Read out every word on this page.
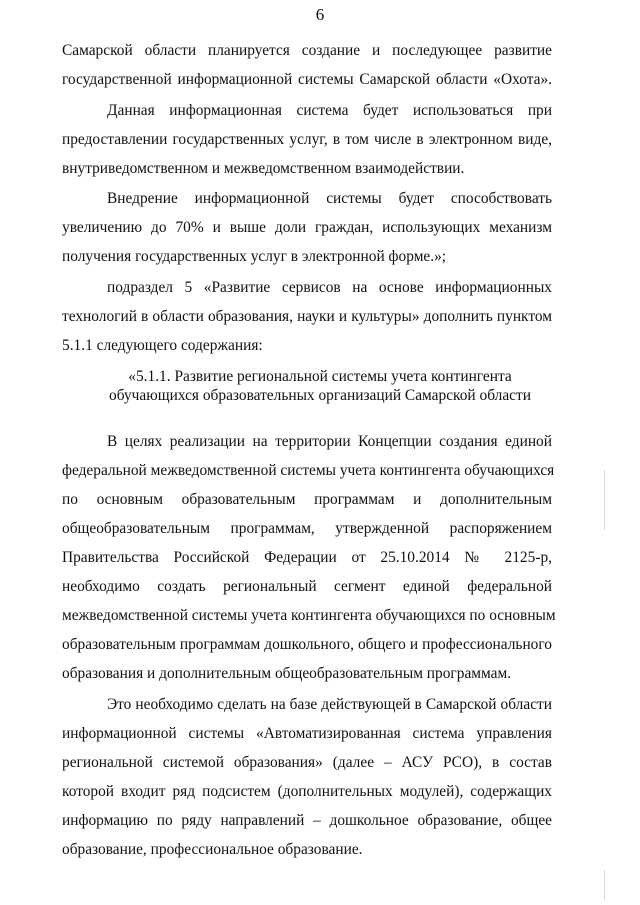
6
Самарской области планируется создание и последующее развитие
государственной информационной системы Самарской области «Охота».
Данная информационная система будет использоваться при
предоставлении государственных услуг, в том числе в электронном виде,
внутриведомственном и межведомственном взаимодействии.
Внедрение информационной системы будет способствовать
увеличению до 70% и выше доли граждан, использующих механизм
получения государственных услуг в электронной форме.»;
подраздел 5 «Развитие сервисов на основе информационных
технологий в области образования, науки и культуры» дополнить пунктом
5.1.1 следующего содержания:
«5.1.1. Развитие региональной системы учета контингента
обучающихся образовательных организаций Самарской области
В целях реализации на территории Концепции создания единой
федеральной межведомственной системы учета контингента обучающихся
по основным образовательным программам и дополнительным
общеобразовательным программам, утвержденной распоряжением
Правительства Российской Федерации от 25.10.2014 № 2125-р,
необходимо создать региональный сегмент единой федеральной
межведомственной системы учета контингента обучающихся по основным
образовательным программам дошкольного, общего и профессионального
образования и дополнительным общеобразовательным программам.
Это необходимо сделать на базе действующей в Самарской области
информационной системы «Автоматизированная система управления
региональной системой образования» (далее – АСУ РСО), в состав
которой входит ряд подсистем (дополнительных модулей), содержащих
информацию по ряду направлений – дошкольное образование, общее
образование, профессиональное образование.
